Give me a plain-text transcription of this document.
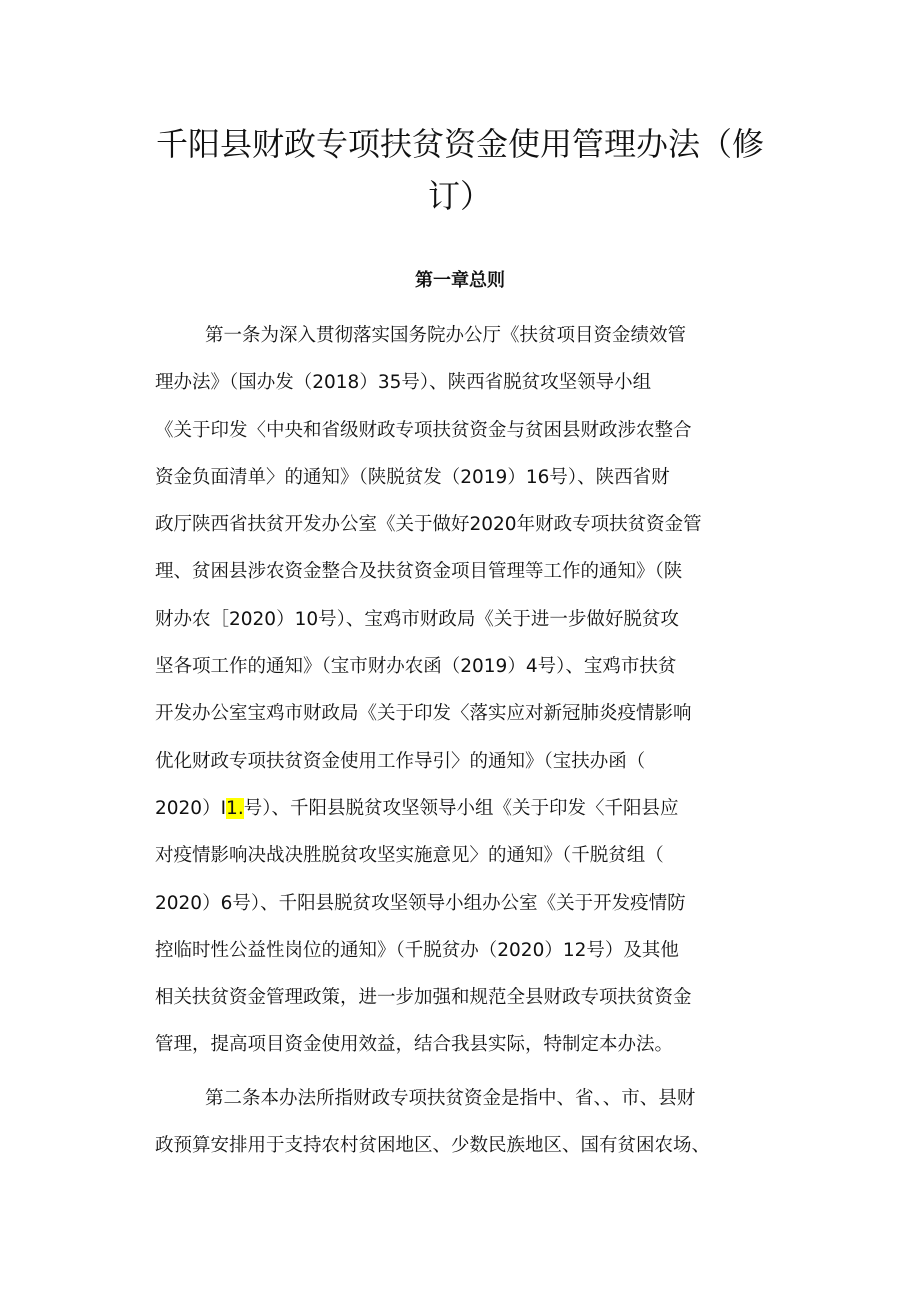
千阳县财政专项扶贫资金使用管理办法（修
订）
第一章总则
第一条为深入贯彻落实国务院办公厅《扶贫项目资金绩效管
理办法》（国办发（2018）35号）、陕西省脱贫攻坚领导小组
《关于印发〈中央和省级财政专项扶贫资金与贫困县财政涉农整合
资金负面清单〉的通知》（陕脱贫发（2019）16号）、陕西省财
政厅陕西省扶贫开发办公室《关于做好2020年财政专项扶贫资金管
理、贫困县涉农资金整合及扶贫资金项目管理等工作的通知》（陕
财办农［2020）10号）、宝鸡市财政局《关于进一步做好脱贫攻
坚各项工作的通知》（宝市财办农函（2019）4号）、宝鸡市扶贫
开发办公室宝鸡市财政局《关于印发〈落实应对新冠肺炎疫情影响
优化财政专项扶贫资金使用工作导引〉的通知》（宝扶办函（
2020）I1.号）、千阳县脱贫攻坚领导小组《关于印发〈千阳县应
对疫情影响决战决胜脱贫攻坚实施意见〉的通知》（千脱贫组（
2020）6号）、千阳县脱贫攻坚领导小组办公室《关于开发疫情防
控临时性公益性岗位的通知》（千脱贫办（2020）12号）及其他
相关扶贫资金管理政策，进一步加强和规范全县财政专项扶贫资金
管理，提高项目资金使用效益，结合我县实际，特制定本办法。
第二条本办法所指财政专项扶贫资金是指中、省、、市、县财
政预算安排用于支持农村贫困地区、少数民族地区、国有贫困农场、
